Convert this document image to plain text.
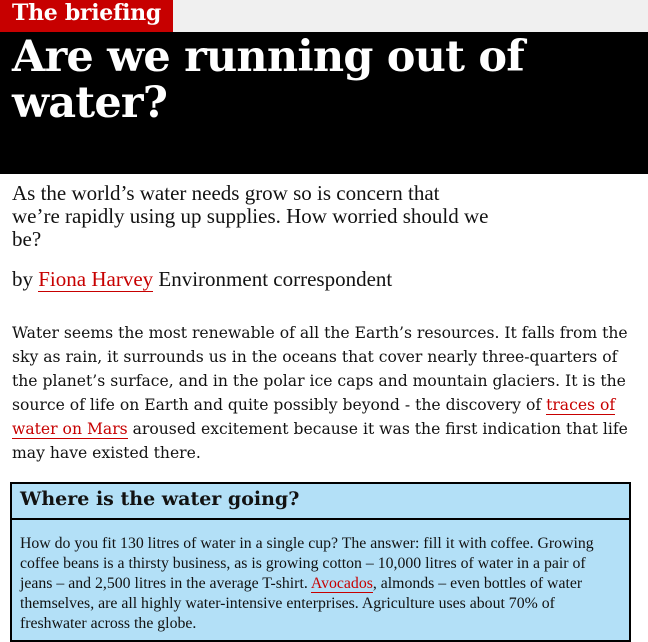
The briefing
Are we running out of water?

As the world’s water needs grow so is concern that we’re rapidly using up supplies. How worried should we be?

by Fiona Harvey Environment correspondent

Water seems the most renewable of all the Earth’s resources. It falls from the sky as rain, it surrounds us in the oceans that cover nearly three-quarters of the planet’s surface, and in the polar ice caps and mountain glaciers. It is the source of life on Earth and quite possibly beyond - the discovery of traces of water on Mars aroused excitement because it was the first indication that life may have existed there.

Where is the water going?

How do you fit 130 litres of water in a single cup? The answer: fill it with coffee. Growing coffee beans is a thirsty business, as is growing cotton – 10,000 litres of water in a pair of jeans – and 2,500 litres in the average T-shirt. Avocados, almonds – even bottles of water themselves, are all highly water-intensive enterprises. Agriculture uses about 70% of freshwater across the globe.
